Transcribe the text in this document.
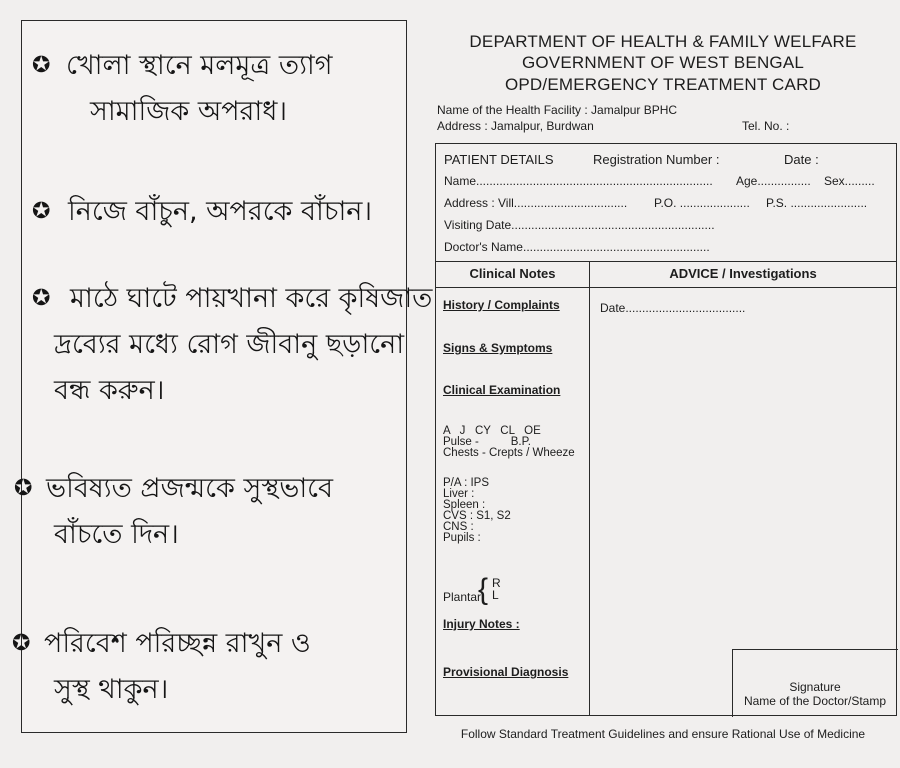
✪ খোলা স্থানে মলমূত্র ত্যাগ
সামাজিক অপরাধ।
✪ নিজে বাঁচুন, অপরকে বাঁচান।
✪ মাঠে ঘাটে পায়খানা করে কৃষিজাত
দ্রব্যের মধ্যে রোগ জীবানু ছড়ানো
বন্ধ করুন।
✪ ভবিষ্যত প্রজন্মকে সুস্থভাবে
বাঁচতে দিন।
✪ পরিবেশ পরিচ্ছন্ন রাখুন ও
সুস্থ থাকুন।
DEPARTMENT OF HEALTH & FAMILY WELFARE
GOVERNMENT OF WEST BENGAL
OPD/EMERGENCY TREATMENT CARD
Name of the Health Facility : Jamalpur BPHC
Address : Jamalpur, Burdwan	Tel. No. :
PATIENT DETAILS	Registration Number :	Date :
Name....................................................................... Age................ Sex.........
Address : Vill.................................. P.O. ..................... P.S. .......................
Visiting Date.............................................................
Doctor's Name........................................................
Clinical Notes	ADVICE / Investigations
History / Complaints
Signs & Symptoms
Clinical Examination
A   J   CY   CL   OE
Pulse -          B.P.
Chests - Crepts / Wheeze
P/A : IPS
Liver :
Spleen :
CVS : S1, S2
CNS :
Pupils :
Plantar
{ R
L
Injury Notes :
Provisional Diagnosis
Date....................................
Signature
Name of the Doctor/Stamp
Follow Standard Treatment Guidelines and ensure Rational Use of Medicine
